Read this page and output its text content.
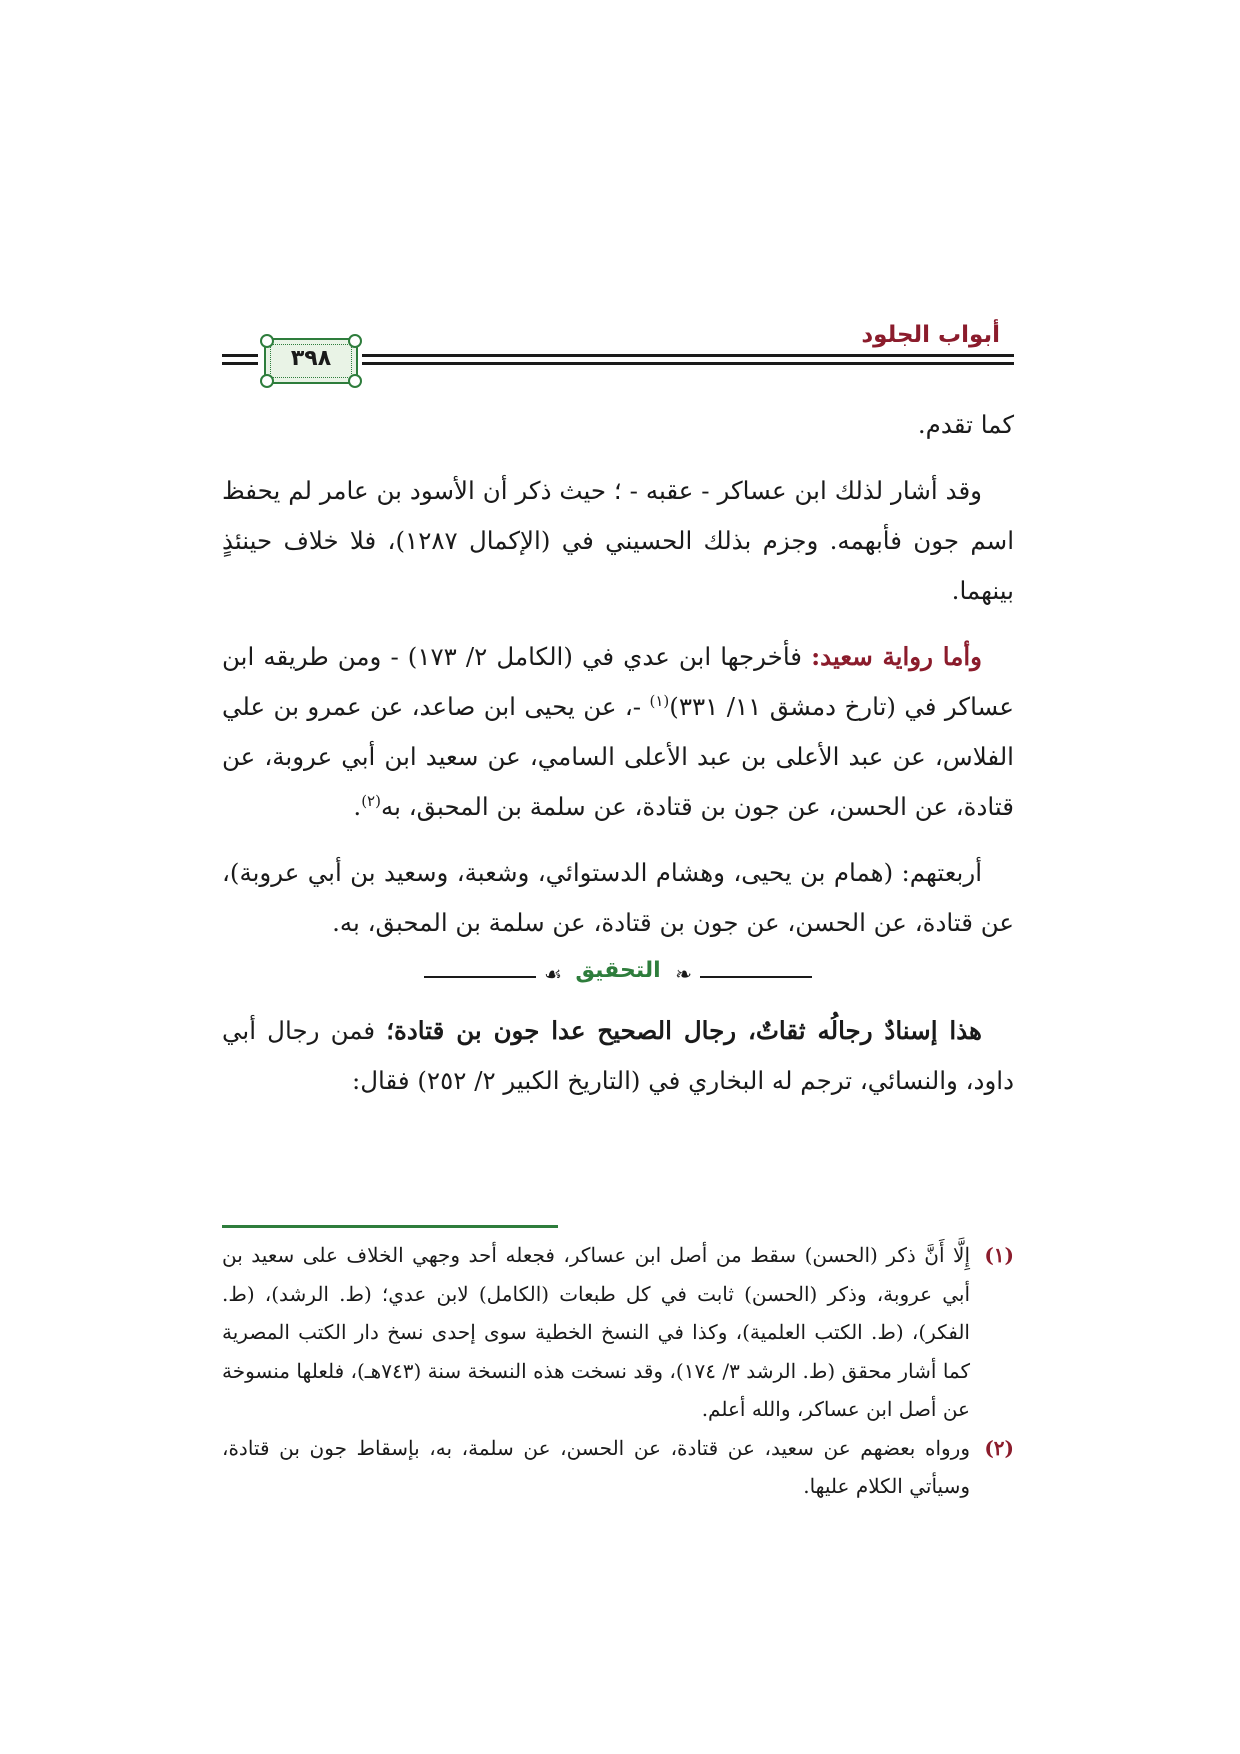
أبواب الجلود
٣٩٨

كما تقدم.

وقد أشار لذلك ابن عساكر - عقبه - ؛ حيث ذكر أن الأسود بن عامر لم يحفظ اسم جون فأبهمه. وجزم بذلك الحسيني في (الإكمال ١٢٨٧)، فلا خلاف حينئذٍ بينهما.

وأما رواية سعيد: فأخرجها ابن عدي في (الكامل ٢/ ١٧٣) - ومن طريقه ابن عساكر في (تارخ دمشق ١١/ ٣٣١)$^{(١)}$ -، عن يحيى ابن صاعد، عن عمرو بن علي الفلاس، عن عبد الأعلى بن عبد الأعلى السامي، عن سعيد ابن أبي عروبة، عن قتادة، عن الحسن، عن جون بن قتادة، عن سلمة بن المحبق، به$^{(٢)}$.

أربعتهم: (همام بن يحيى، وهشام الدستوائي، وشعبة، وسعيد بن أبي عروبة)، عن قتادة، عن الحسن، عن جون بن قتادة، عن سلمة بن المحبق، به.

❧
التحقيق
☙

هذا إسنادٌ رجالُه ثقاتٌ، رجال الصحيح عدا جون بن قتادة؛ فمن رجال أبي داود، والنسائي، ترجم له البخاري في (التاريخ الكبير ٢/ ٢٥٢) فقال:

(١)
إِلَّا أَنَّ ذكر (الحسن) سقط من أصل ابن عساكر، فجعله أحد وجهي الخلاف على سعيد بن أبي عروبة، وذكر (الحسن) ثابت في كل طبعات (الكامل) لابن عدي؛ (ط. الرشد)، (ط. الفكر)، (ط. الكتب العلمية)، وكذا في النسخ الخطية سوى إحدى نسخ دار الكتب المصرية كما أشار محقق (ط. الرشد ٣/ ١٧٤)، وقد نسخت هذه النسخة سنة (٧٤٣هـ)، فلعلها منسوخة عن أصل ابن عساكر، والله أعلم.

(٢)
ورواه بعضهم عن سعيد، عن قتادة، عن الحسن، عن سلمة، به، بإسقاط جون بن قتادة، وسيأتي الكلام عليها.
